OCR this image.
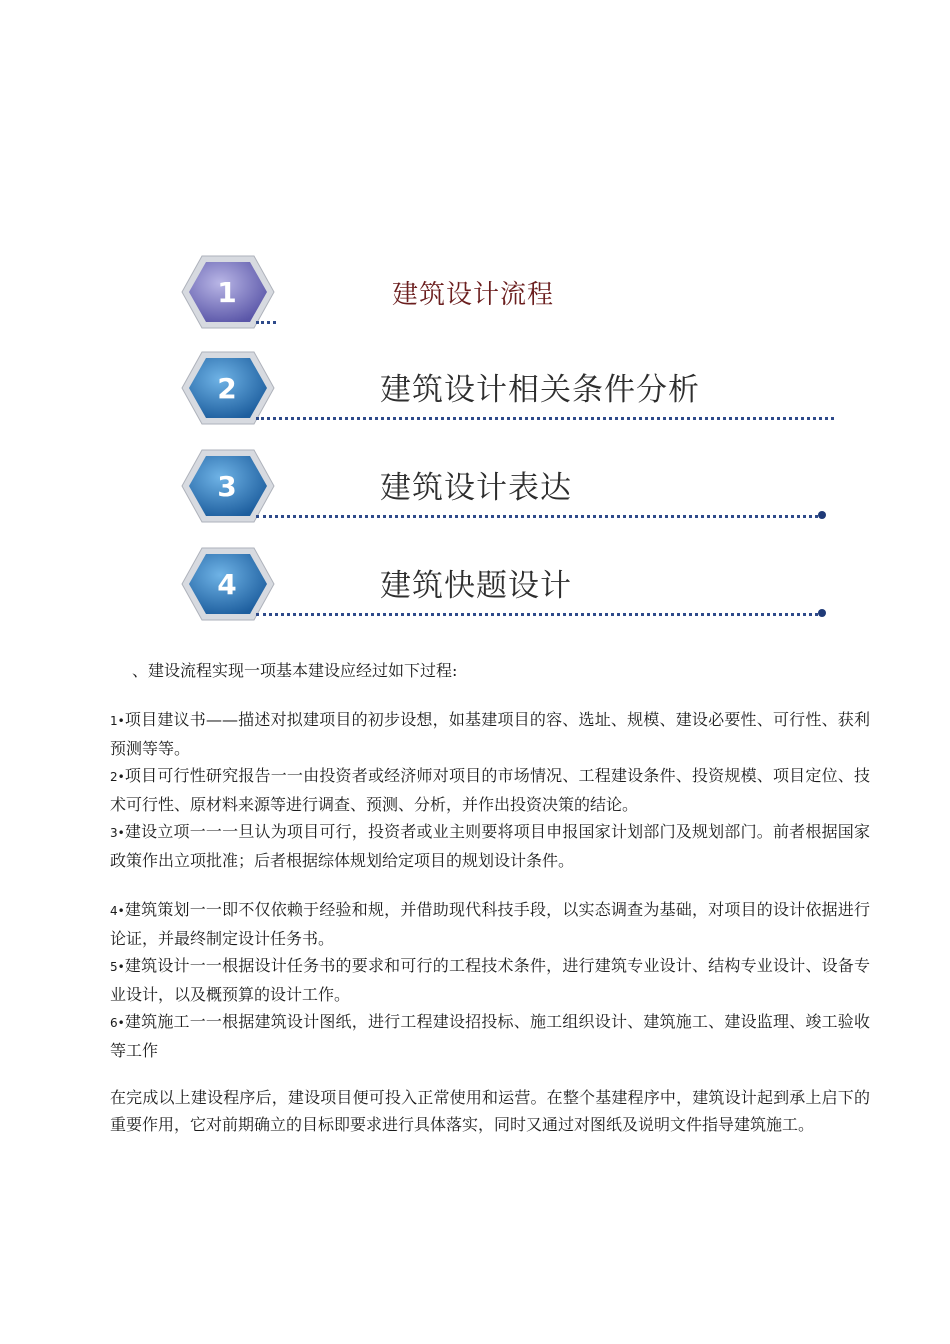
1	建筑设计流程
2	建筑设计相关条件分析
3	建筑设计表达
4	建筑快题设计
、建设流程实现一项基本建设应经过如下过程:

1•项目建议书——描述对拟建项目的初步设想，如基建项目的容、选址、规模、建设必要性、可行性、获利预测等等。

2•项目可行性研究报告一一由投资者或经济师对项目的市场情况、工程建设条件、投资规模、项目定位、技术可行性、原材料来源等进行调查、预测、分析，并作出投资决策的结论。

3•建设立项一一一旦认为项目可行，投资者或业主则要将项目申报国家计划部门及规划部门。前者根据国家政策作出立项批准；后者根据综体规划给定项目的规划设计条件。

4•建筑策划一一即不仅依赖于经验和规，并借助现代科技手段，以实态调查为基础，对项目的设计依据进行论证，并最终制定设计任务书。

5•建筑设计一一根据设计任务书的要求和可行的工程技术条件，进行建筑专业设计、结构专业设计、设备专业设计，以及概预算的设计工作。

6•建筑施工一一根据建筑设计图纸，进行工程建设招投标、施工组织设计、建筑施工、建设监理、竣工验收等工作

在完成以上建设程序后，建设项目便可投入正常使用和运营。在整个基建程序中，建筑设计起到承上启下的重要作用，它对前期确立的目标即要求进行具体落实，同时又通过对图纸及说明文件指导建筑施工。
